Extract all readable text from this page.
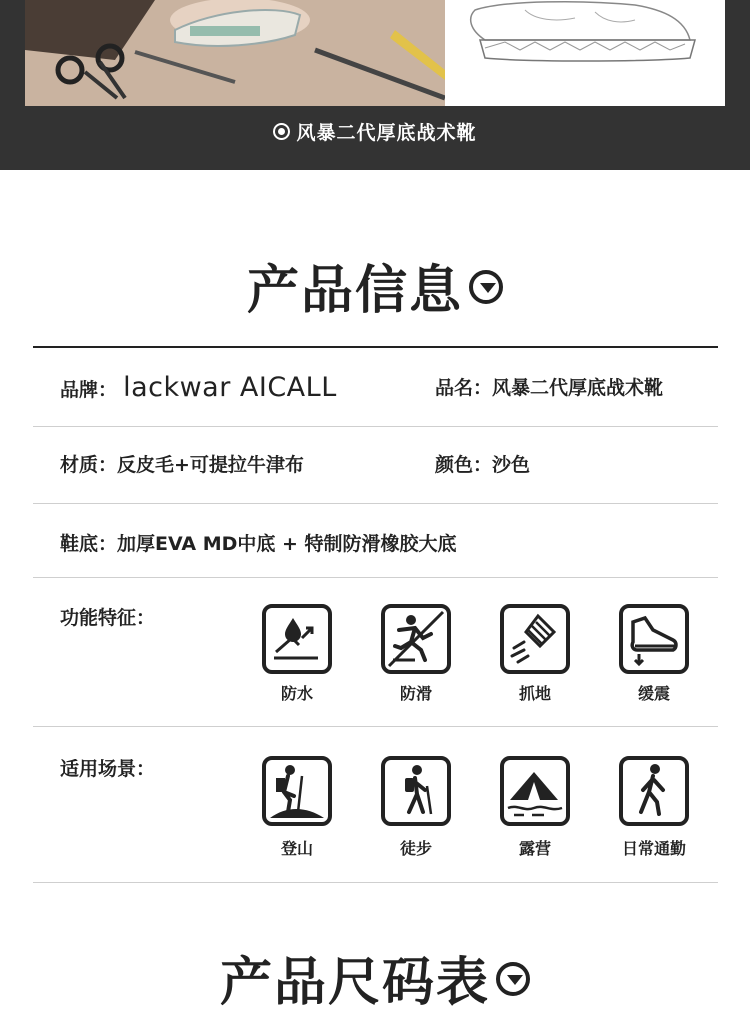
风暴二代厚底战术靴
产品信息
品牌： lackwar AICALL	品名：风暴二代厚底战术靴
材质：反皮毛+可提拉牛津布	颜色：沙色
鞋底：加厚EVA MD中底 + 特制防滑橡胶大底
功能特征：
防水	防滑	抓地	缓震
适用场景：
登山	徒步	露营	日常通勤
产品尺码表
